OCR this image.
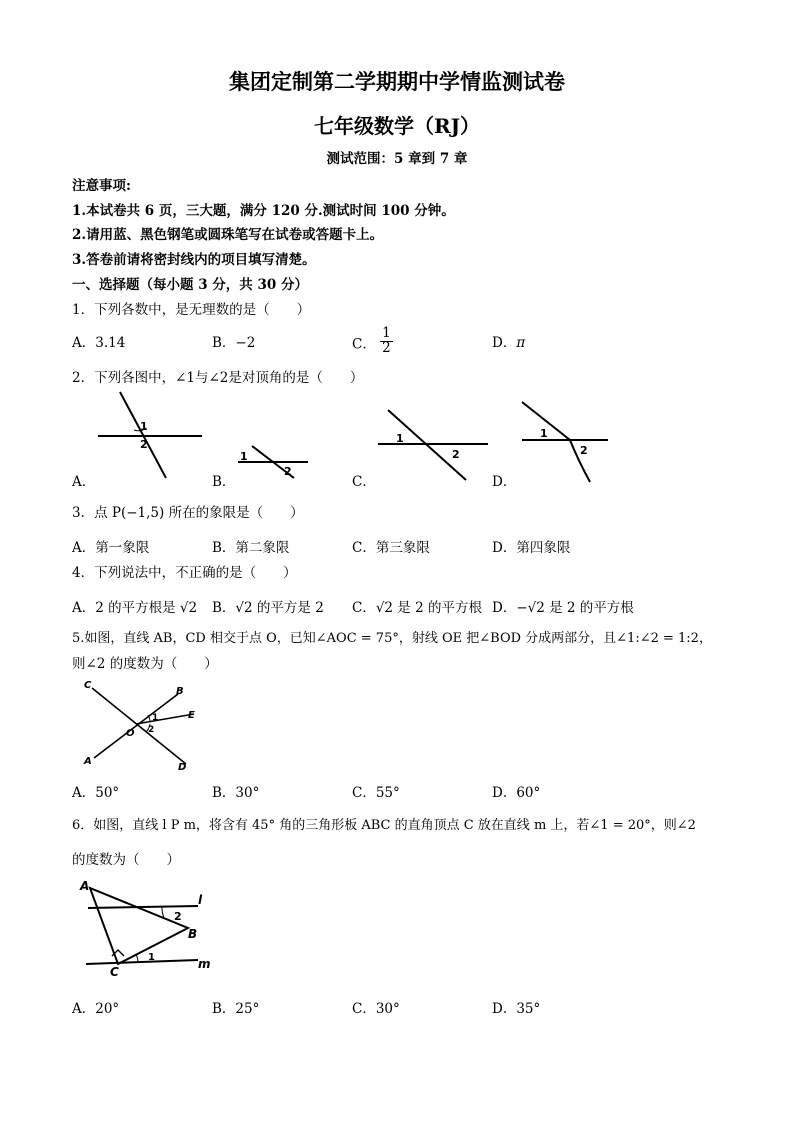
集团定制第二学期期中学情监测试卷
七年级数学（RJ）
测试范围：5 章到 7 章
注意事项:
1.本试卷共 6 页，三大题，满分 120 分.测试时间 100 分钟。
2.请用蓝、黑色钢笔或圆珠笔写在试卷或答题卡上。
3.答卷前请将密封线内的项目填写清楚。
一、选择题（每小题 3 分，共 30 分）
1．下列各数中，是无理数的是（　　）
A．3.14	B．−2	C． $\frac{1}{2}$	D．π
2．下列各图中，∠1与∠2是对顶角的是（　　）
1
2
A．
1
2
B．
1
2
C．
1
2
D．
3．点 P(−1,5) 所在的象限是（　　）
A．第一象限	B．第二象限	C．第三象限	D．第四象限
4．下列说法中，不正确的是（　　）
A．2 的平方根是 √2 B．√2 的平方是 2 C．√2 是 2 的平方根 D．−√2 是 2 的平方根
5.如图，直线 AB，CD 相交于点 O，已知∠AOC = 75°，射线 OE 把∠BOD 分成两部分，且∠1:∠2 = 1:2，
则∠2 的度数为（　　）
C
B
E
A
D
O
1
2
A．50°	B．30°	C．55°	D．60°
6．如图，直线 l P m，将含有 45° 角的三角形板 ABC 的直角顶点 C 放在直线 m 上，若∠1 = 20°，则∠2
的度数为（　　）
A
B
C
l
m
2
1
A．20°	B．25°	C．30°	D．35°
